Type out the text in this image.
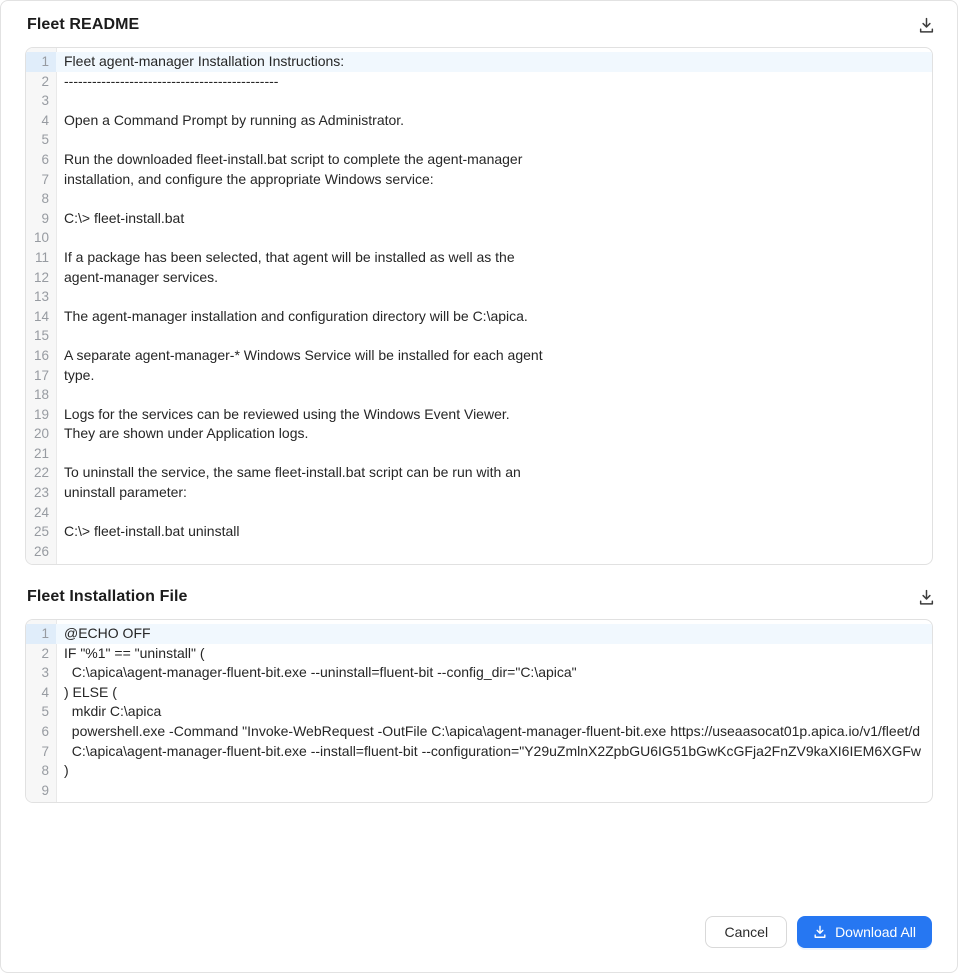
Fleet README
1	Fleet agent-manager Installation Instructions:
2	----------------------------------------------
3
4	Open a Command Prompt by running as Administrator.
5
6	Run the downloaded fleet-install.bat script to complete the agent-manager
7	installation, and configure the appropriate Windows service:
8
9	C:\> fleet-install.bat
10
11	If a package has been selected, that agent will be installed as well as the
12	agent-manager services.
13
14	The agent-manager installation and configuration directory will be C:\apica.
15
16	A separate agent-manager-* Windows Service will be installed for each agent
17	type.
18
19	Logs for the services can be reviewed using the Windows Event Viewer.
20	They are shown under Application logs.
21
22	To uninstall the service, the same fleet-install.bat script can be run with an
23	uninstall parameter:
24
25	C:\> fleet-install.bat uninstall
26
Fleet Installation File
1	@ECHO OFF
2	IF "%1" == "uninstall" (
3	C:\apica\agent-manager-fluent-bit.exe --uninstall=fluent-bit --config_dir="C:\apica"
4	) ELSE (
5	mkdir C:\apica
6	powershell.exe -Command "Invoke-WebRequest -OutFile C:\apica\agent-manager-fluent-bit.exe https://useaasocat01p.apica.io/v1/fleet/d
7	C:\apica\agent-manager-fluent-bit.exe --install=fluent-bit --configuration="Y29uZmlnX2ZpbGU6IG51bGwKcGFja2FnZV9kaXI6IEM6XGFw
8	)
9
Cancel	Download All
